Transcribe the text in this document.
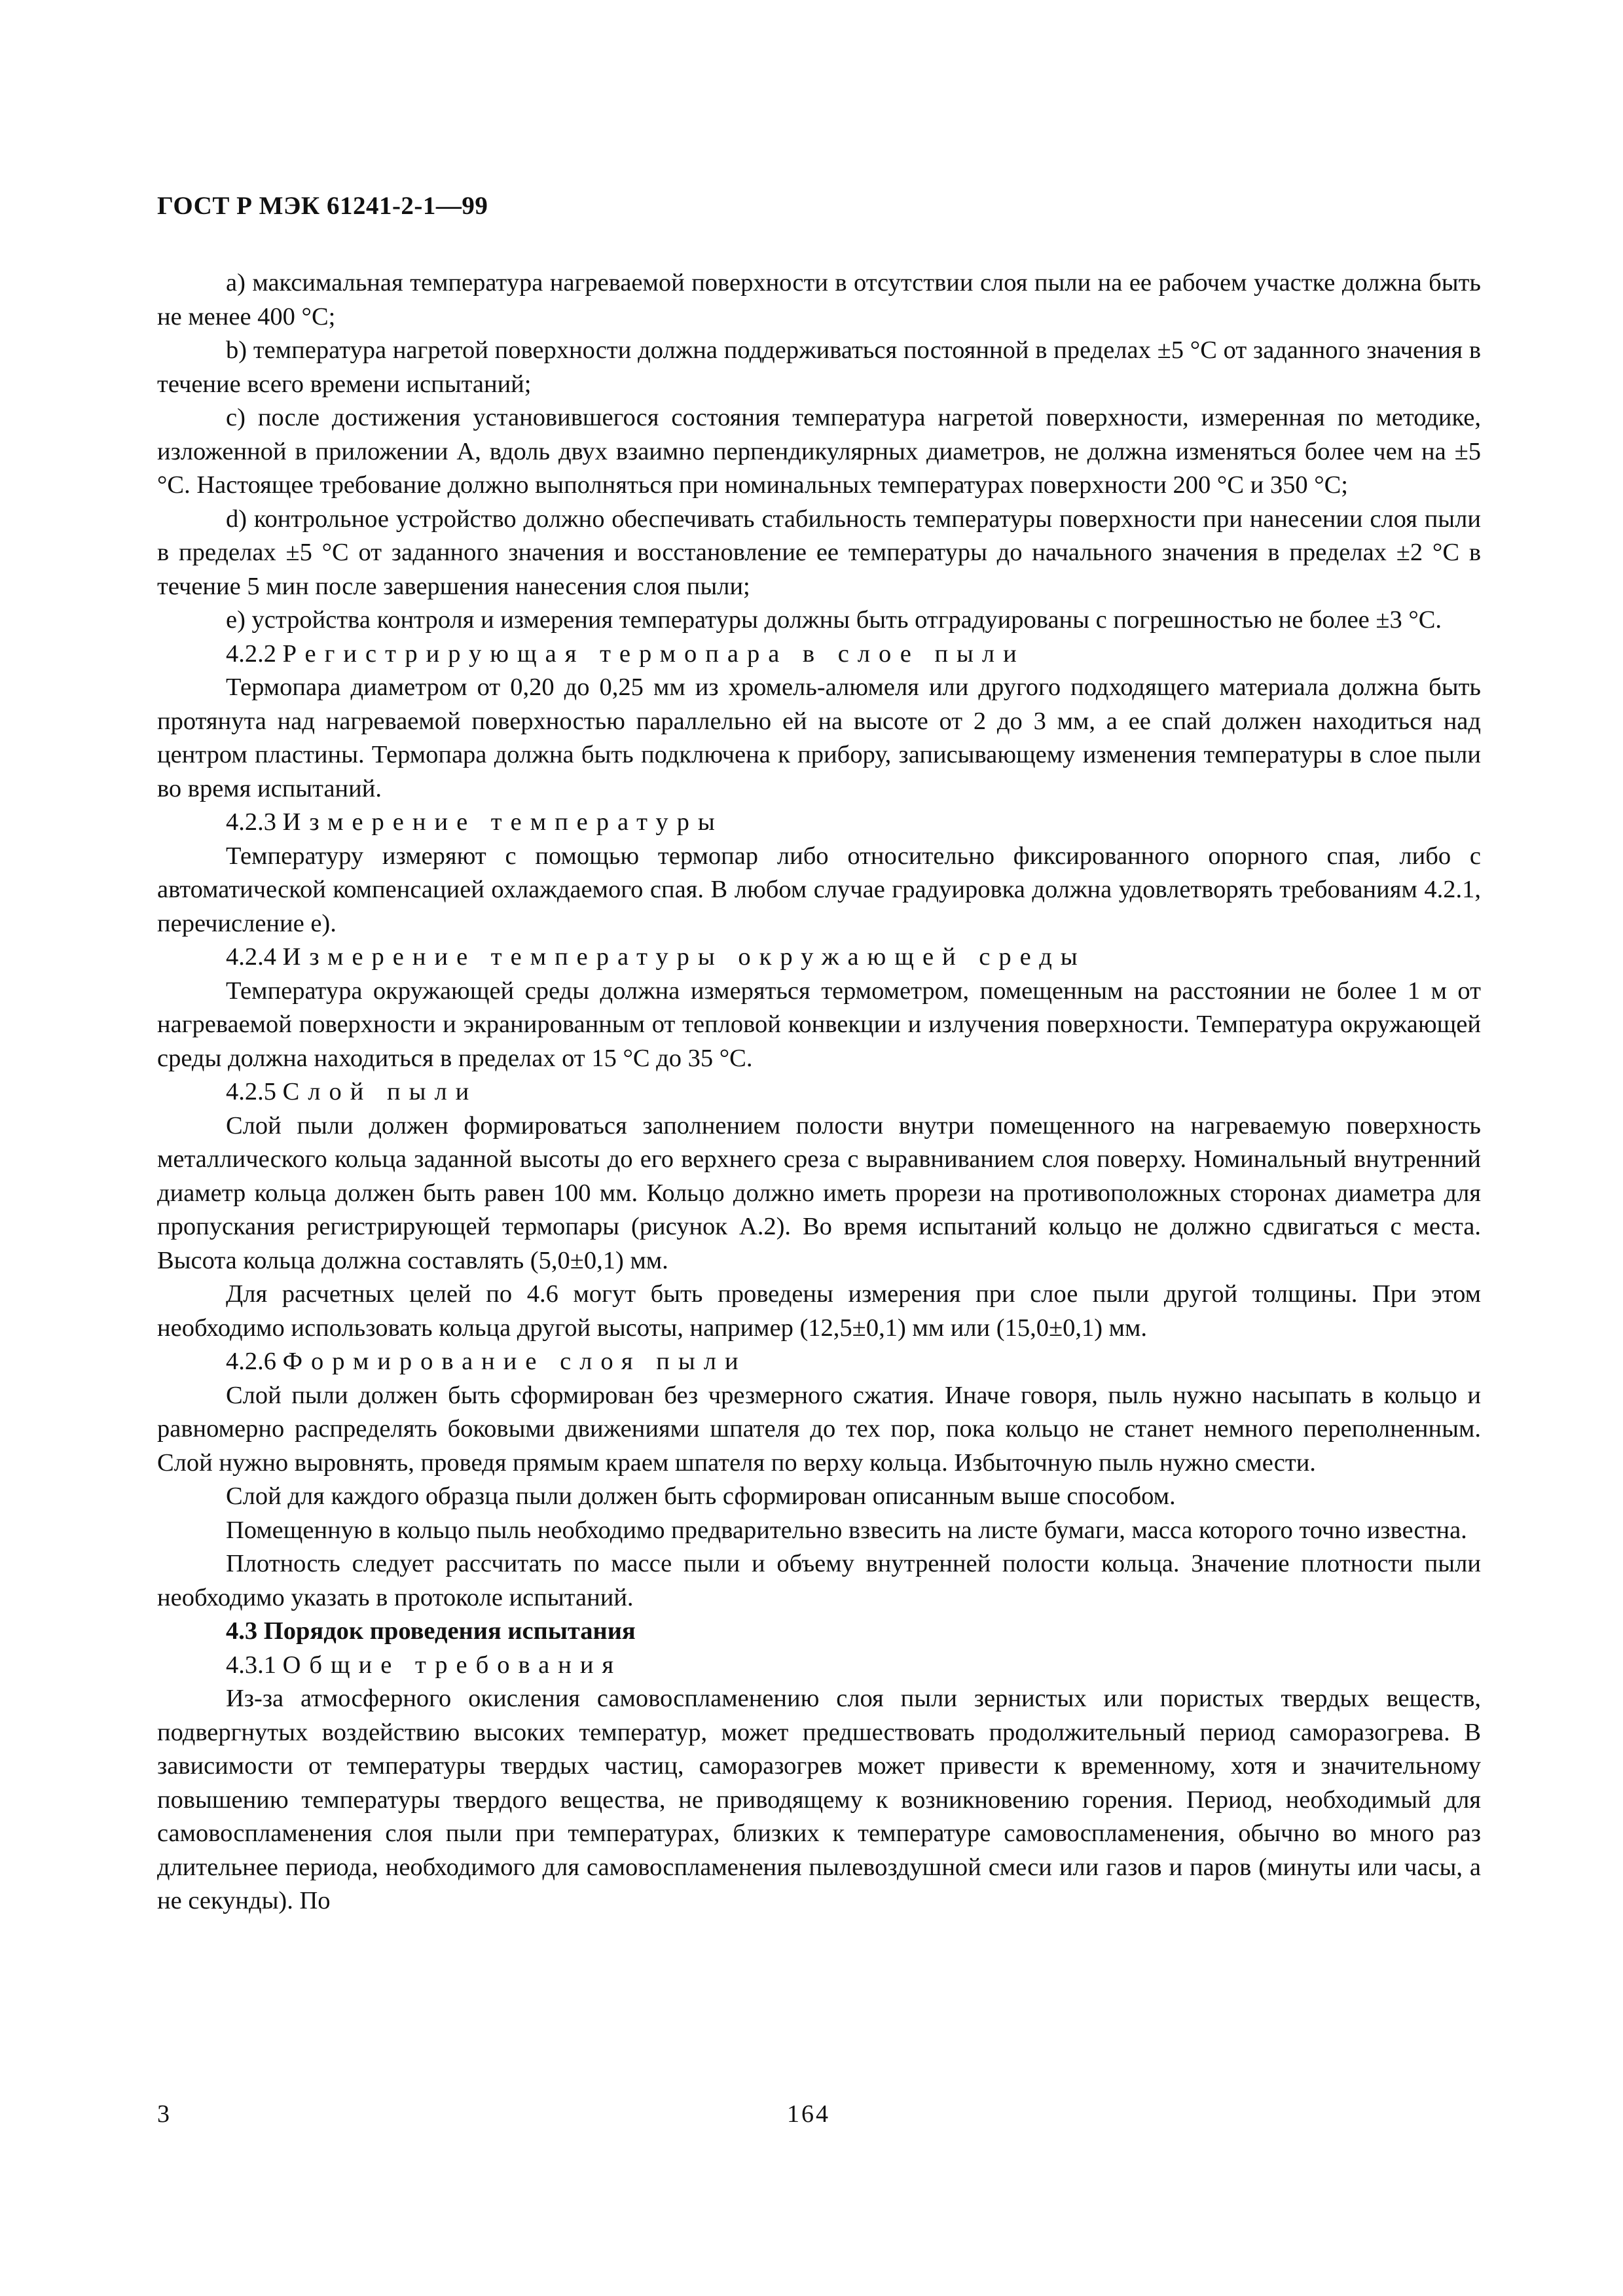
ГОСТ Р МЭК 61241-2-1—99

a) максимальная температура нагреваемой поверхности в отсутствии слоя пыли на ее рабочем участке должна быть не менее 400 °С;

b) температура нагретой поверхности должна поддерживаться постоянной в пределах ±5 °С от заданного значения в течение всего времени испытаний;

с) после достижения установившегося состояния температура нагретой поверхности, измеренная по методике, изложенной в приложении А, вдоль двух взаимно перпендикулярных диаметров, не должна изменяться более чем на ±5 °С. Настоящее требование должно выполняться при номинальных температурах поверхности 200 °С и 350 °С;

d) контрольное устройство должно обеспечивать стабильность температуры поверхности при нанесении слоя пыли в пределах ±5 °С от заданного значения и восстановление ее температуры до начального значения в пределах ±2 °С в течение 5 мин после завершения нанесения слоя пыли;

e) устройства контроля и измерения температуры должны быть отградуированы с погрешностью не более ±3 °С.

4.2.2 Регистрирующая термопара в слое пыли

Термопара диаметром от 0,20 до 0,25 мм из хромель-алюмеля или другого подходящего материала должна быть протянута над нагреваемой поверхностью параллельно ей на высоте от 2 до 3 мм, а ее спай должен находиться над центром пластины. Термопара должна быть подключена к прибору, записывающему изменения температуры в слое пыли во время испытаний.

4.2.3 Измерение температуры

Температуру измеряют с помощью термопар либо относительно фиксированного опорного спая, либо с автоматической компенсацией охлаждаемого спая. В любом случае градуировка должна удовлетворять требованиям 4.2.1, перечисление е).

4.2.4 Измерение температуры окружающей среды

Температура окружающей среды должна измеряться термометром, помещенным на расстоянии не более 1 м от нагреваемой поверхности и экранированным от тепловой конвекции и излучения поверхности. Температура окружающей среды должна находиться в пределах от 15 °С до 35 °С.

4.2.5 Слой пыли

Слой пыли должен формироваться заполнением полости внутри помещенного на нагреваемую поверхность металлического кольца заданной высоты до его верхнего среза с выравниванием слоя поверху. Номинальный внутренний диаметр кольца должен быть равен 100 мм. Кольцо должно иметь прорези на противоположных сторонах диаметра для пропускания регистрирующей термопары (рисунок А.2). Во время испытаний кольцо не должно сдвигаться с места. Высота кольца должна составлять (5,0±0,1) мм.

Для расчетных целей по 4.6 могут быть проведены измерения при слое пыли другой толщины. При этом необходимо использовать кольца другой высоты, например (12,5±0,1) мм или (15,0±0,1) мм.

4.2.6 Формирование слоя пыли

Слой пыли должен быть сформирован без чрезмерного сжатия. Иначе говоря, пыль нужно насыпать в кольцо и равномерно распределять боковыми движениями шпателя до тех пор, пока кольцо не станет немного переполненным. Слой нужно выровнять, проведя прямым краем шпателя по верху кольца. Избыточную пыль нужно смести.

Слой для каждого образца пыли должен быть сформирован описанным выше способом.

Помещенную в кольцо пыль необходимо предварительно взвесить на листе бумаги, масса которого точно известна.

Плотность следует рассчитать по массе пыли и объему внутренней полости кольца. Значение плотности пыли необходимо указать в протоколе испытаний.

4.3 Порядок проведения испытания
4.3.1 Общие требования

Из-за атмосферного окисления самовоспламенению слоя пыли зернистых или пористых твердых веществ, подвергнутых воздействию высоких температур, может предшествовать продолжительный период саморазогрева. В зависимости от температуры твердых частиц, саморазогрев может привести к временному, хотя и значительному повышению температуры твердого вещества, не приводящему к возникновению горения. Период, необходимый для самовоспламенения слоя пыли при температурах, близких к температуре самовоспламенения, обычно во много раз длительнее периода, необходимого для самовоспламенения пылевоздушной смеси или газов и паров (минуты или часы, а не секунды). По

3	164
